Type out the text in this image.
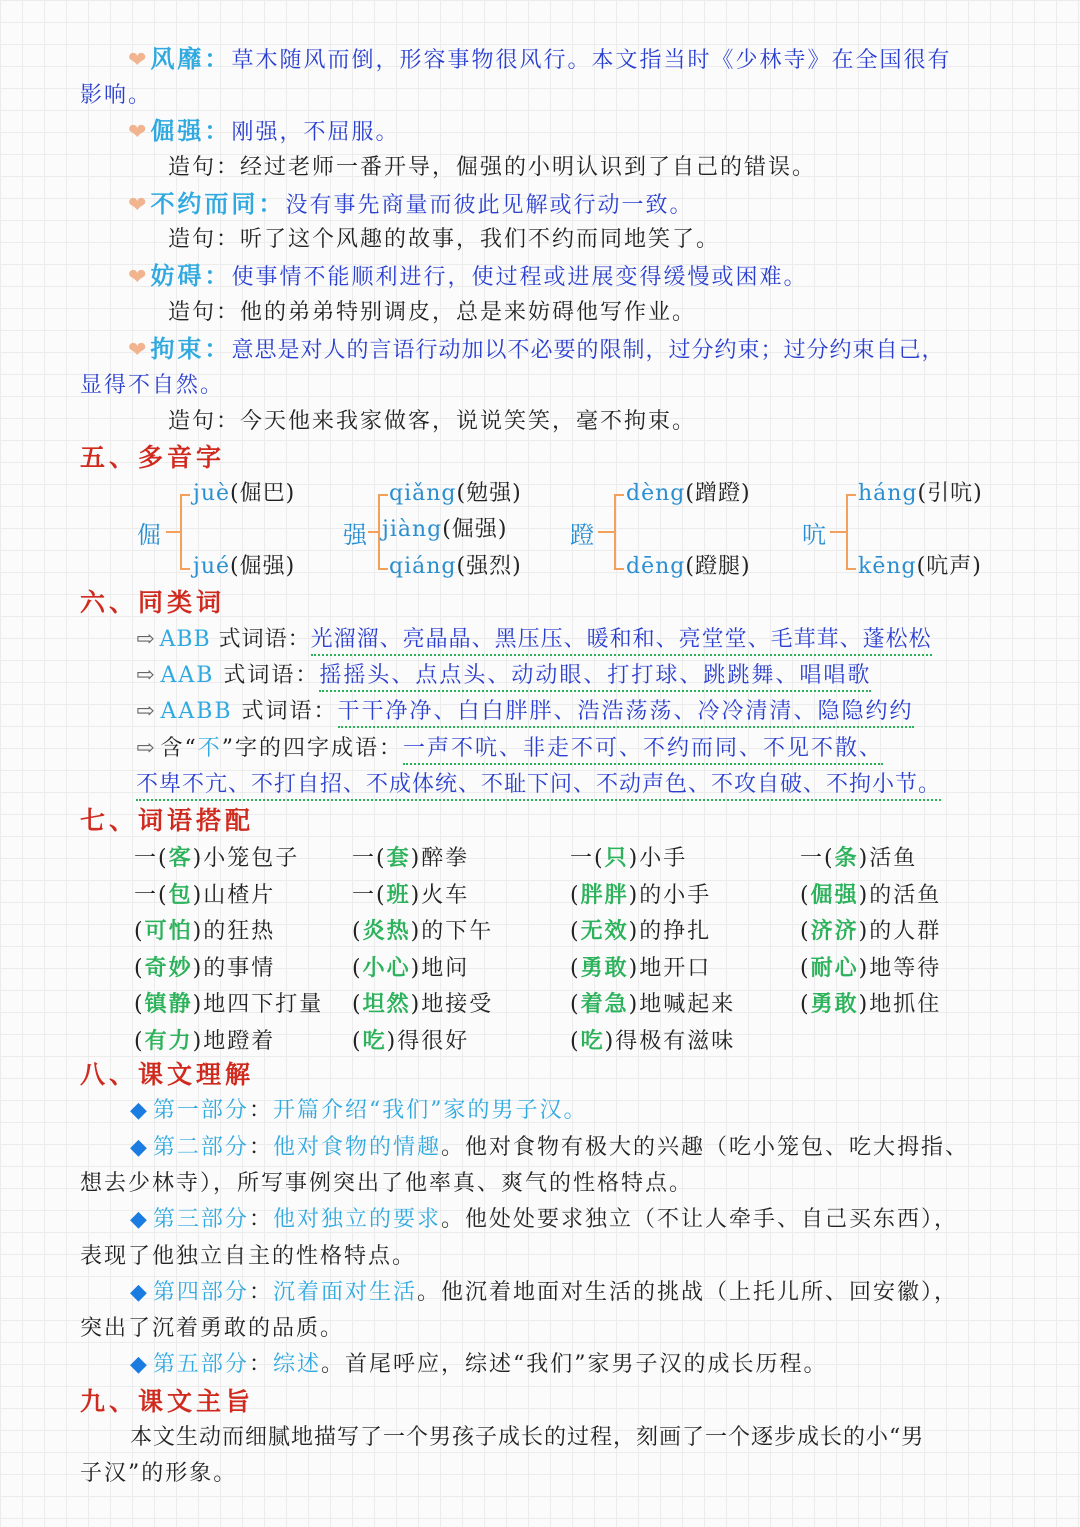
❤风靡：草木随风而倒，形容事物很风行。本文指当时《少林寺》在全国很有
影响。
❤倔强：刚强，不屈服。
造句：经过老师一番开导，倔强的小明认识到了自己的错误。
❤不约而同：没有事先商量而彼此见解或行动一致。
造句：听了这个风趣的故事，我们不约而同地笑了。
❤妨碍：使事情不能顺利进行，使过程或进展变得缓慢或困难。
造句：他的弟弟特别调皮，总是来妨碍他写作业。
❤拘束：意思是对人的言语行动加以不必要的限制，过分约束；过分约束自己，
显得不自然。
造句：今天他来我家做客，说说笑笑，毫不拘束。
五、多音字
倔
juè(倔巴)
jué(倔强)
强
qiǎng(勉强)
jiàng(倔强)
qiáng(强烈)
蹬
dèng(蹭蹬)
dēng(蹬腿)
吭
háng(引吭)
kēng(吭声)
六、同类词
⇨ ABB 式词语：光溜溜、亮晶晶、黑压压、暖和和、亮堂堂、毛茸茸、蓬松松
⇨ AAB 式词语：摇摇头、点点头、动动眼、打打球、跳跳舞、唱唱歌
⇨ AABB 式词语：干干净净、白白胖胖、浩浩荡荡、冷冷清清、隐隐约约
⇨ 含“不”字的四字成语：一声不吭、非走不可、不约而同、不见不散、
不卑不亢、不打自招、不成体统、不耻下问、不动声色、不攻自破、不拘小节。
七、词语搭配
一(客)小笼包子 一(套)醉拳	一(只)小手	一(条)活鱼
一(包)山楂片	一(班)火车	(胖胖)的小手	(倔强)的活鱼
(可怕)的狂热	(炎热)的下午	(无效)的挣扎	(济济)的人群
(奇妙)的事情	(小心)地问	(勇敢)地开口	(耐心)地等待
(镇静)地四下打量 (坦然)地接受	(着急)地喊起来	(勇敢)地抓住
(有力)地蹬着	(吃)得很好	(吃)得极有滋味
八、课文理解
◆ 第一部分：开篇介绍“我们”家的男子汉。
◆ 第二部分：他对食物的情趣。他对食物有极大的兴趣（吃小笼包、吃大拇指、
想去少林寺），所写事例突出了他率真、爽气的性格特点。
◆ 第三部分：他对独立的要求。他处处要求独立（不让人牵手、自己买东西），
表现了他独立自主的性格特点。
◆ 第四部分：沉着面对生活。他沉着地面对生活的挑战（上托儿所、回安徽），
突出了沉着勇敢的品质。
◆ 第五部分：综述。首尾呼应，综述“我们”家男子汉的成长历程。
九、课文主旨
本文生动而细腻地描写了一个男孩子成长的过程，刻画了一个逐步成长的小“男
子汉”的形象。
